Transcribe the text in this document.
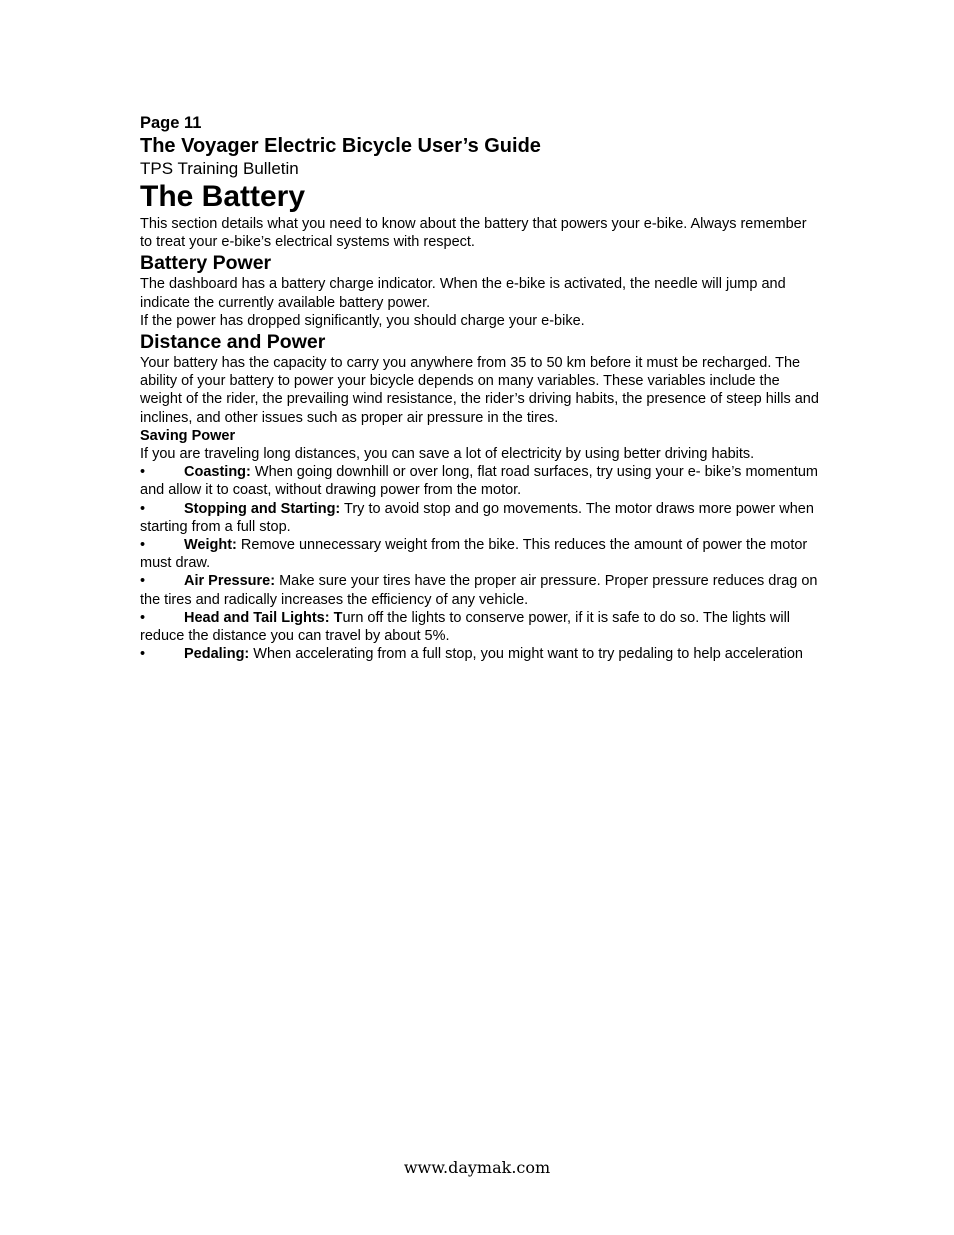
Page 11
The Voyager Electric Bicycle User’s Guide
TPS Training Bulletin
The Battery

This section details what you need to know about the battery that powers your e-bike. Always remember to treat your e-bike’s electrical systems with respect.

Battery Power

The dashboard has a battery charge indicator. When the e-bike is activated, the needle will jump and indicate the currently available battery power.

If the power has dropped significantly, you should charge your e-bike.

Distance and Power

Your battery has the capacity to carry you anywhere from 35 to 50 km before it must be recharged. The ability of your battery to power your bicycle depends on many variables. These variables include the weight of the rider, the prevailing wind resistance, the rider’s driving habits, the presence of steep hills and inclines, and other issues such as proper air pressure in the tires.

Saving Power

If you are traveling long distances, you can save a lot of electricity by using better driving habits.

•	Coasting: When going downhill or over long, flat road surfaces, try using your e- bike’s momentum and allow it to coast, without drawing power from the motor.
•	Stopping and Starting: Try to avoid stop and go movements. The motor draws more power when starting from a full stop.
•	Weight: Remove unnecessary weight from the bike. This reduces the amount of power the motor must draw.
•	Air Pressure: Make sure your tires have the proper air pressure. Proper pressure reduces drag on the tires and radically increases the efficiency of any vehicle.
•	Head and Tail Lights: Turn off the lights to conserve power, if it is safe to do so. The lights will reduce the distance you can travel by about 5%.
•	Pedaling: When accelerating from a full stop, you might want to try pedaling to help acceleration
www.daymak.com
